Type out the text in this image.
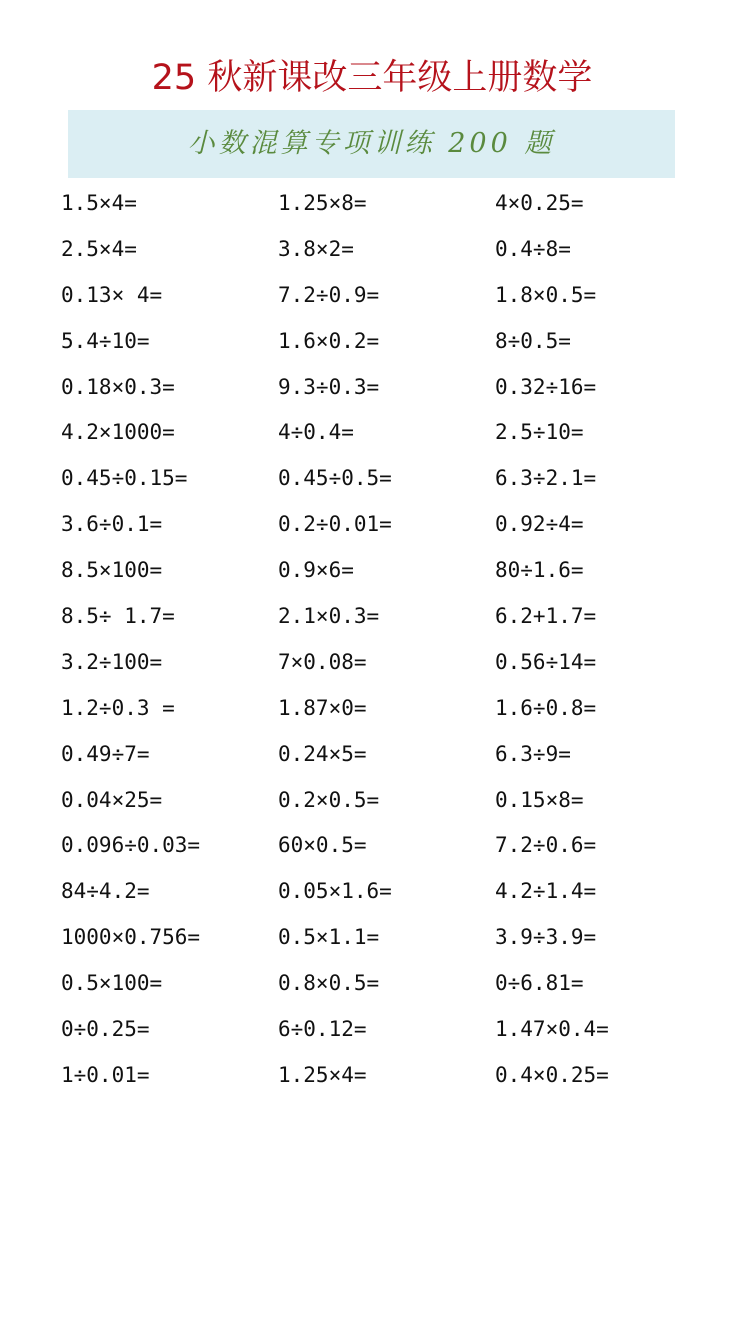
25 秋新课改三年级上册数学
小数混算专项训练 200 题
1.5×4=	1.25×8=	4×0.25=
2.5×4=	3.8×2=	0.4÷8=
0.13× 4=	7.2÷0.9=	1.8×0.5=
5.4÷10=	1.6×0.2=	8÷0.5=
0.18×0.3=	9.3÷0.3=	0.32÷16=
4.2×1000=	4÷0.4=	2.5÷10=
0.45÷0.15=	0.45÷0.5=	6.3÷2.1=
3.6÷0.1=	0.2÷0.01=	0.92÷4=
8.5×100=	0.9×6=	80÷1.6=
8.5÷ 1.7=	2.1×0.3=	6.2+1.7=
3.2÷100=	7×0.08=	0.56÷14=
1.2÷0.3 =	1.87×0=	1.6÷0.8=
0.49÷7=	0.24×5=	6.3÷9=
0.04×25=	0.2×0.5=	0.15×8=
0.096÷0.03=	60×0.5=	7.2÷0.6=
84÷4.2=	0.05×1.6=	4.2÷1.4=
1000×0.756=	0.5×1.1=	3.9÷3.9=
0.5×100=	0.8×0.5=	0÷6.81=
0÷0.25=	6÷0.12=	1.47×0.4=
1÷0.01=	1.25×4=	0.4×0.25=
